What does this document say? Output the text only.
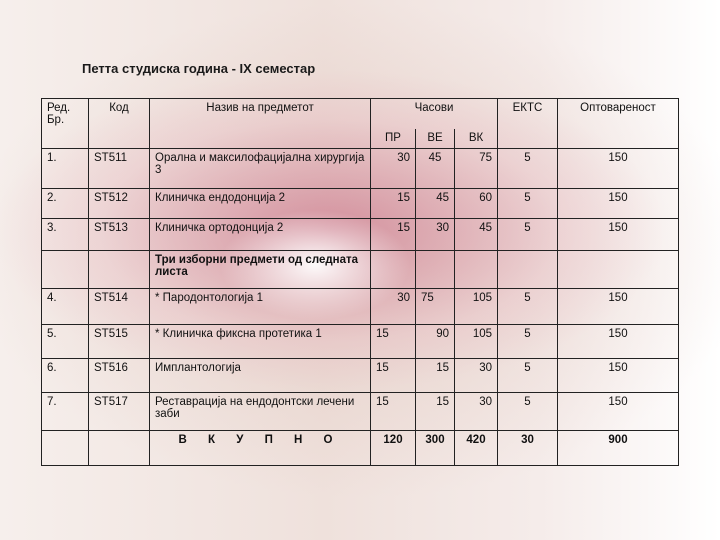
Петта студиска година - IX семестар
Ред. Бр.	Код	Назив на предметот	Часови			ЕКТС	Оптовареност
			ПР	ВЕ	ВК		
1.	ST511	Орална и максилофацијална хирургија 3	30	45	75	5	150
2.	ST512	Клиничка ендодонција 2	15	45	60	5	150
3.	ST513	Клиничка ортодонција 2	15	30	45	5	150
		Три изборни предмети од следната листа					
4.	ST514	* Пародонтологија 1	30	75	105	5	150
5.	ST515	* Клиничка фиксна протетика 1	15	90	105	5	150
6.	ST516	Имплантологија	15	15	30	5	150
7.	ST517	Реставрација на ендодонтски лечени заби	15	15	30	5	150
		В К У П Н О	120	300	420	30	900
